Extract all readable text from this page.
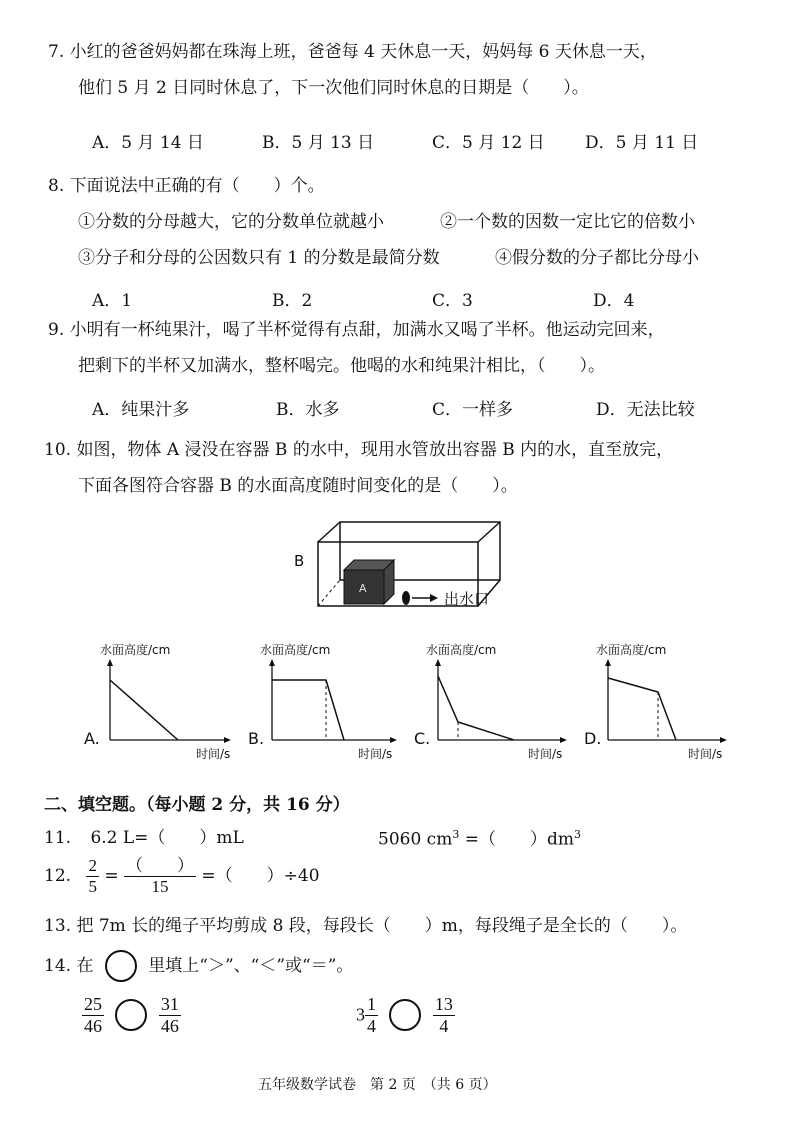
7. 小红的爸爸妈妈都在珠海上班，爸爸每 4 天休息一天，妈妈每 6 天休息一天，
他们 5 月 2 日同时休息了，下一次他们同时休息的日期是（　　）。
A．5 月 14 日	B．5 月 13 日	C．5 月 12 日 D．5 月 11 日
8. 下面说法中正确的有（　　）个。
①分数的分母越大，它的分数单位就越小	②一个数的因数一定比它的倍数小
③分子和分母的公因数只有 1 的分数是最简分数	④假分数的分子都比分母小
A．1	B．2	C．3	D．4
9. 小明有一杯纯果汁，喝了半杯觉得有点甜，加满水又喝了半杯。他运动完回来，
把剩下的半杯又加满水，整杯喝完。他喝的水和纯果汁相比，（　　）。
A．纯果汁多	B．水多	C．一样多	D．无法比较
10. 如图，物体 A 浸没在容器 B 的水中，现用水管放出容器 B 内的水，直至放完，
下面各图符合容器 B 的水面高度随时间变化的是（　　）。
B
A
出水口
水面高度/cm
A.
时间/s
水面高度/cm
B.
时间/s
水面高度/cm
C.
时间/s
水面高度/cm
D.
时间/s
二、填空题。（每小题 2 分，共 16 分）
11. 6.2 L=（　　）mL	5060 $cm^3$ =（　　）$dm^3$
12. $\frac{2}{5} = \frac{( )}{15}$ =（　　）÷40
13. 把 7m 长的绳子平均剪成 8 段，每段长（　　）m，每段绳子是全长的（　　）。
14. 在	里填上“＞”、“＜”或“＝”。
$\frac{25}{46}$
	$\frac{31}{46}$	$3 \frac{1}{4}$
	$\frac{13}{4}$
五年级数学试卷　第 2 页　（共 6 页）
